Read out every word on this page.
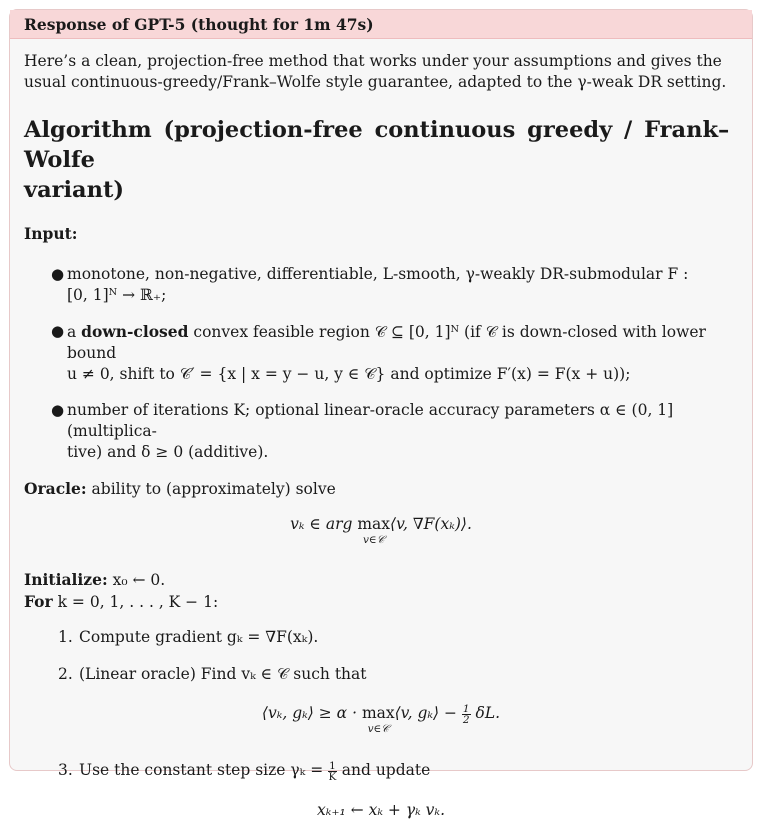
Response of GPT-5 (thought for 1m 47s)

Here’s a clean, projection-free method that works under your assumptions and gives the usual continuous-greedy/Frank–Wolfe style guarantee, adapted to the γ-weak DR setting.

Algorithm (projection-free continuous greedy / Frank–Wolfe
variant)
Input:
● monotone, non-negative, differentiable, L-smooth, γ-weakly DR-submodular F :
[0, 1]ᴺ → ℝ₊;
● a down-closed convex feasible region 𝒞 ⊆ [0, 1]ᴺ (if 𝒞 is down-closed with lower bound
u ≠ 0, shift to 𝒞′ = {x | x = y − u, y ∈ 𝒞} and optimize F′(x) = F(x + u));
● number of iterations K; optional linear-oracle accuracy parameters α ∈ (0, 1] (multiplica-
tive) and δ ≥ 0 (additive).
Oracle: ability to (approximately) solve
vₖ ∈ arg max
v∈𝒞
⟨v, ∇F(xₖ)⟩.
Initialize: x₀ ← 0.
For k = 0, 1, . . . , K − 1:
1. Compute gradient gₖ = ∇F(xₖ).
2. (Linear oracle) Find vₖ ∈ 𝒞 such that
⟨vₖ, gₖ⟩ ≥ α · max
v∈𝒞
⟨v, gₖ⟩ − $\frac{1}{2} \delta L$.
3. Use the constant step size $\gamma_k = \frac{1}{K}$ and update
xₖ₊₁ ← xₖ + γₖ vₖ.
